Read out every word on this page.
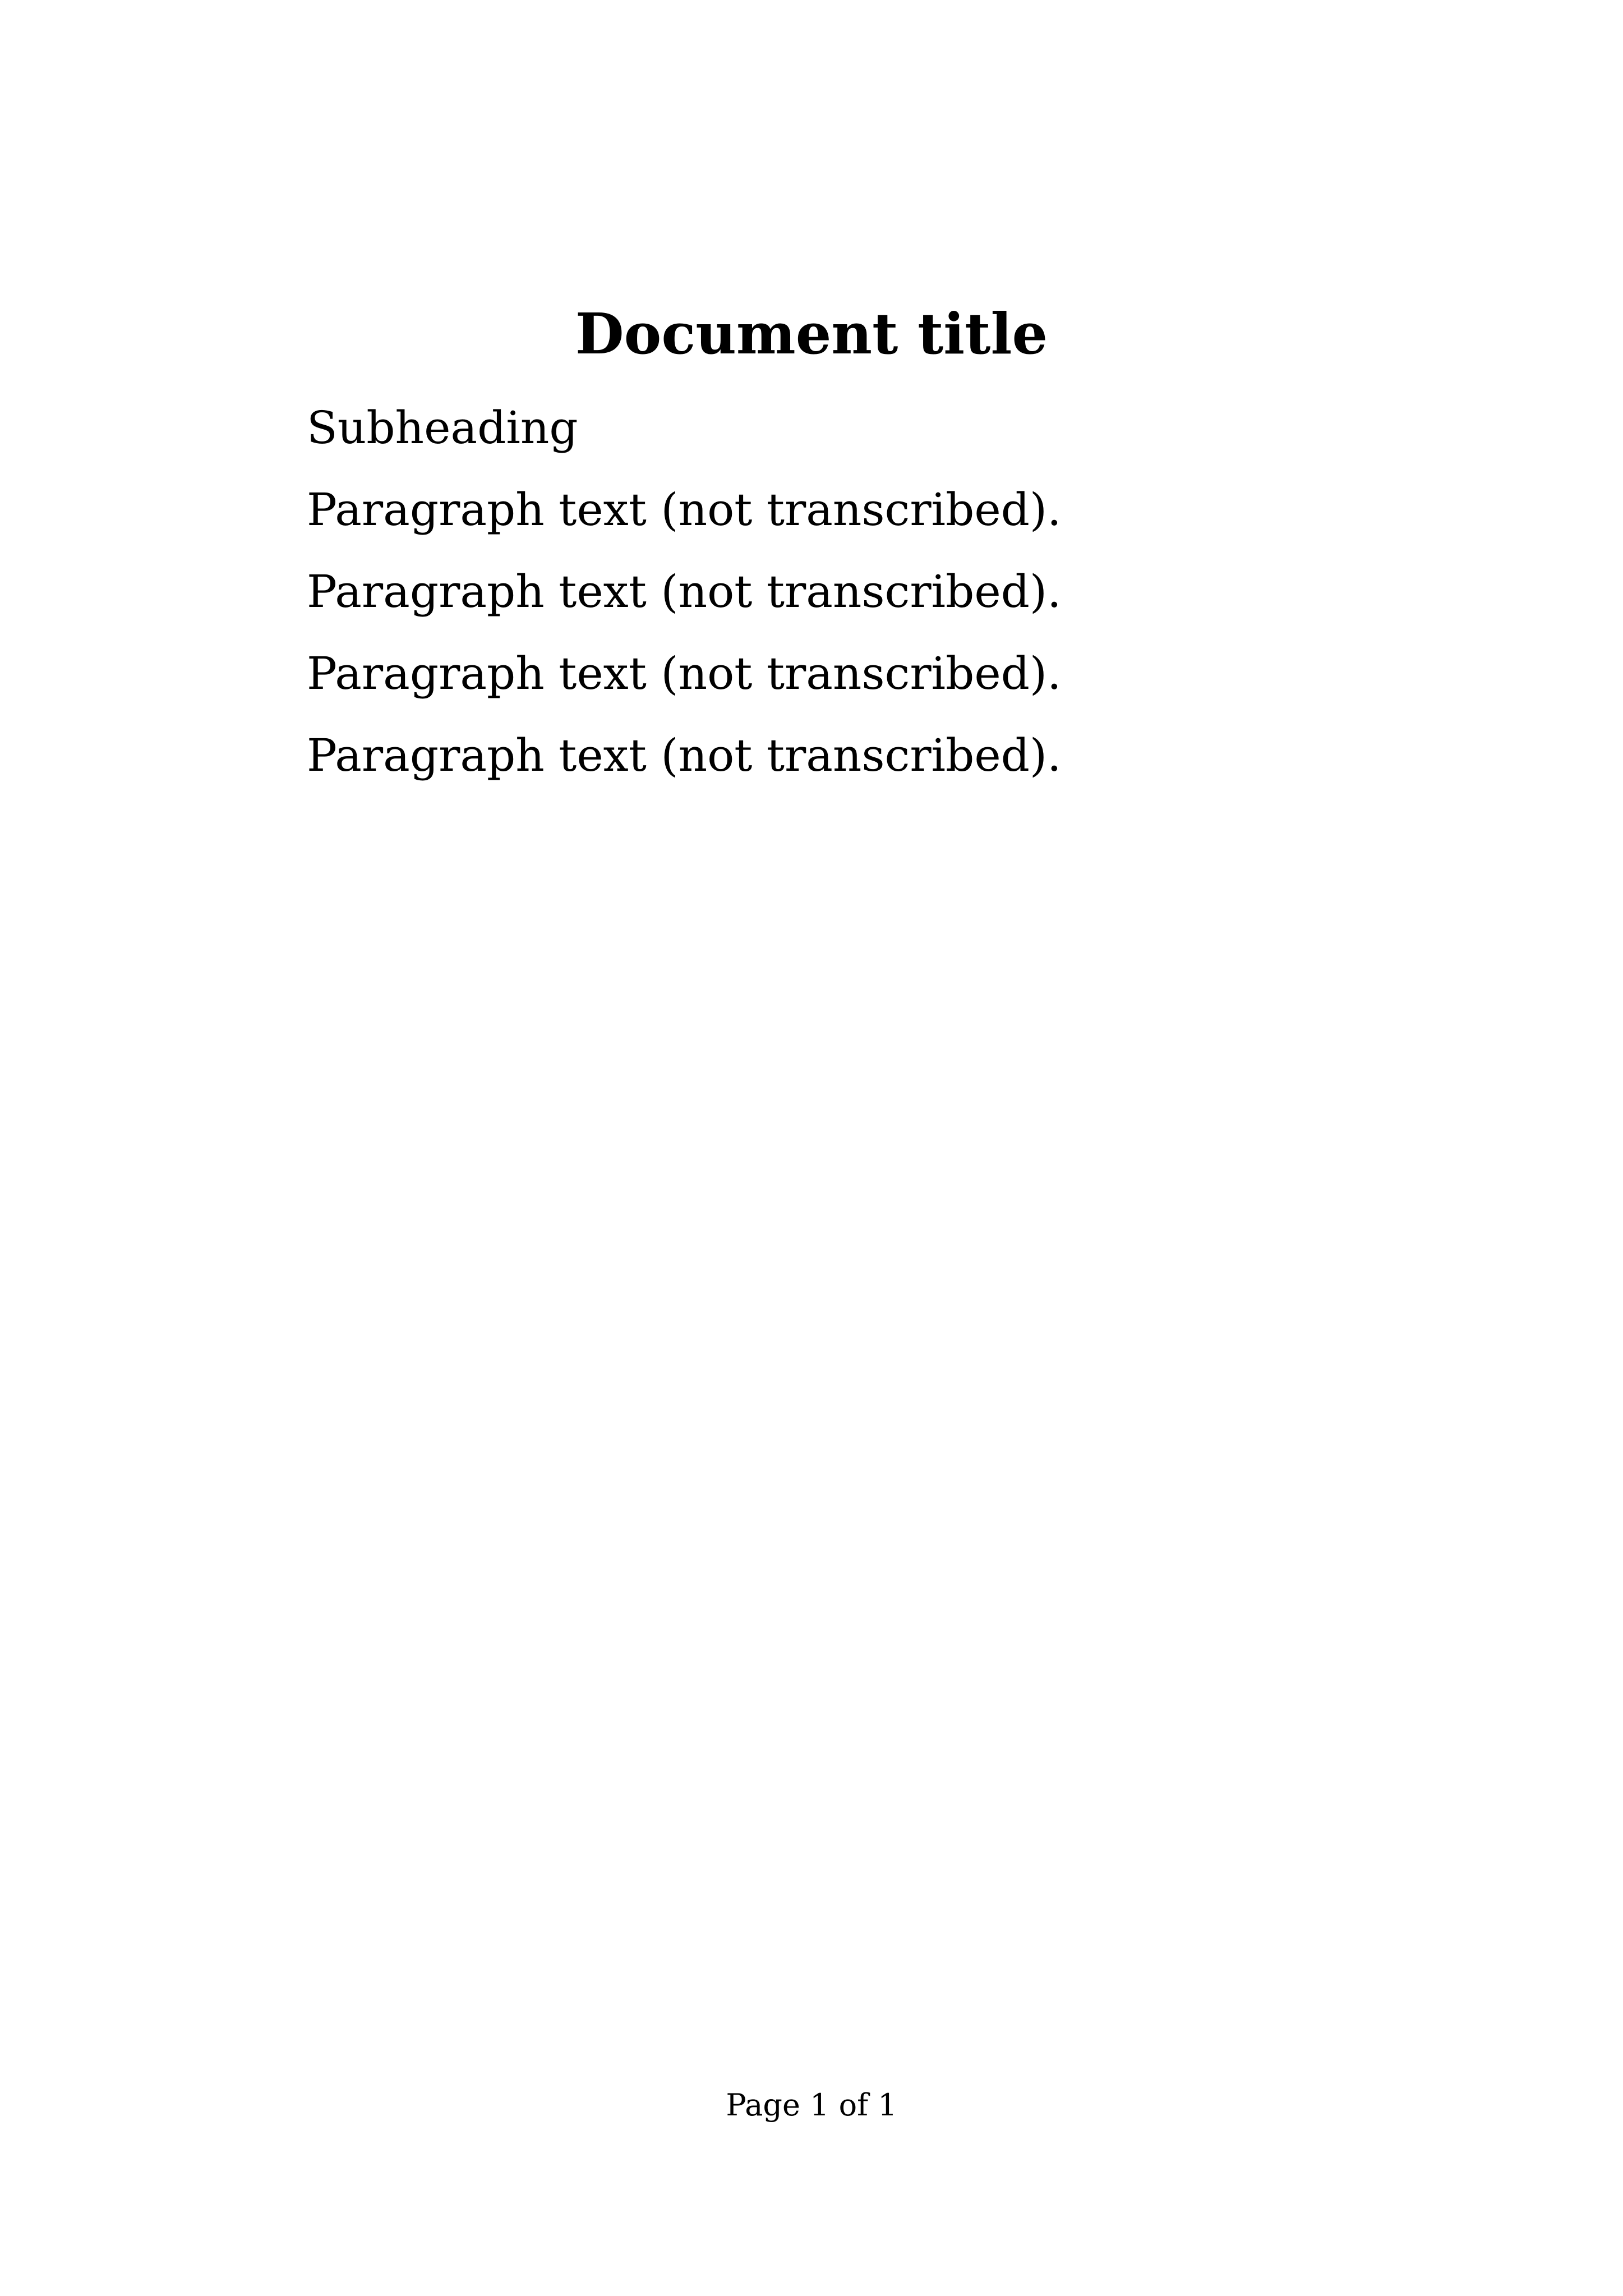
Document title

Subheading

Paragraph text (not transcribed).

Paragraph text (not transcribed).

Paragraph text (not transcribed).

Paragraph text (not transcribed).

Page 1 of 1
